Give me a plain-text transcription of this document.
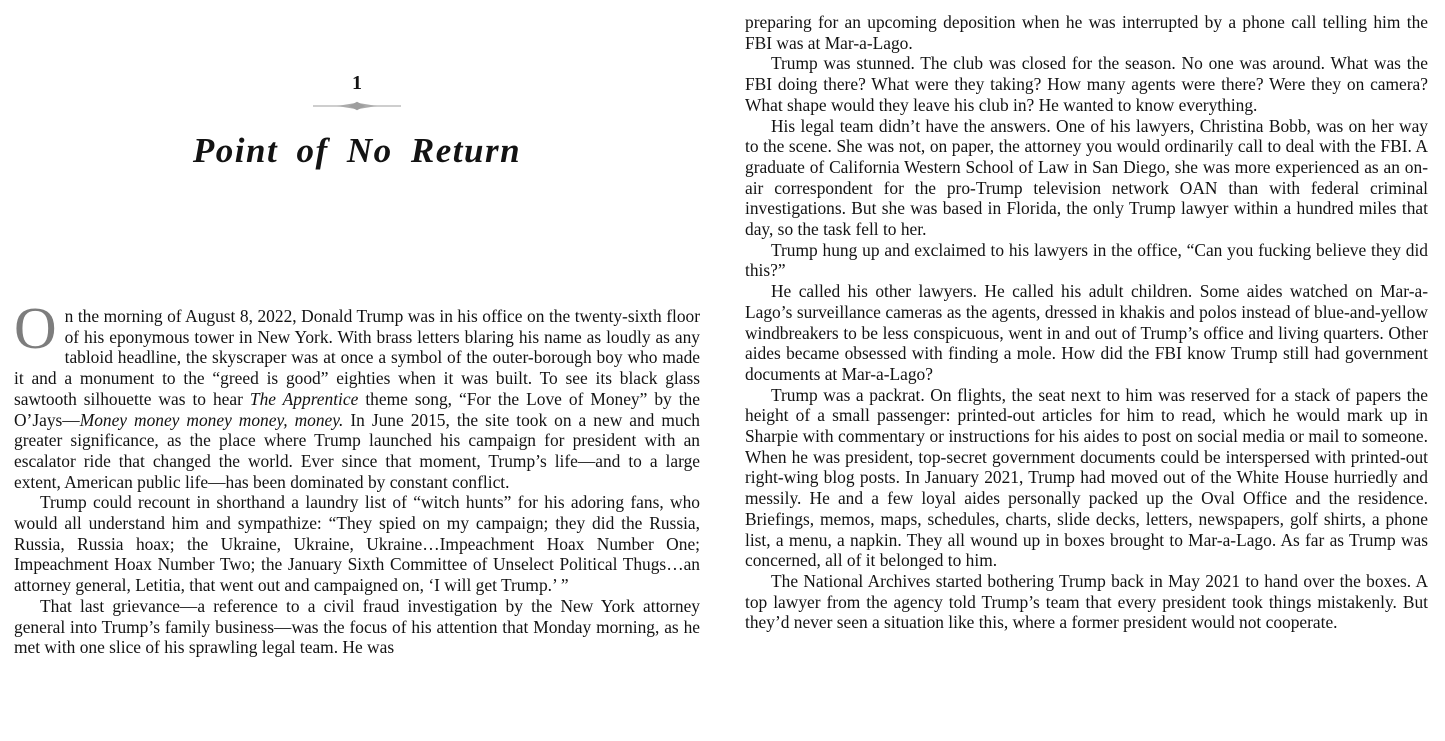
1
Point of No Return

On the morning of August 8, 2022, Donald Trump was in his office on the twenty-sixth floor of his eponymous tower in New York. With brass letters blaring his name as loudly as any tabloid headline, the skyscraper was at once a symbol of the outer-borough boy who made it and a monument to the “greed is good” eighties when it was built. To see its black glass sawtooth silhouette was to hear The Apprentice theme song, “For the Love of Money” by the O’Jays—Money money money money, money. In June 2015, the site took on a new and much greater significance, as the place where Trump launched his campaign for president with an escalator ride that changed the world. Ever since that moment, Trump’s life—and to a large extent, American public life—has been dominated by constant conflict.

Trump could recount in shorthand a laundry list of “witch hunts” for his adoring fans, who would all understand him and sympathize: “They spied on my campaign; they did the Russia, Russia, Russia hoax; the Ukraine, Ukraine, Ukraine…Impeachment Hoax Number One; Impeachment Hoax Number Two; the January Sixth Committee of Unselect Political Thugs…an attorney general, Letitia, that went out and campaigned on, ‘I will get Trump.’ ”

That last grievance—a reference to a civil fraud investigation by the New York attorney general into Trump’s family business—was the focus of his attention that Monday morning, as he met with one slice of his sprawling legal team. He was

preparing for an upcoming deposition when he was interrupted by a phone call telling him the FBI was at Mar-a-Lago.

Trump was stunned. The club was closed for the season. No one was around. What was the FBI doing there? What were they taking? How many agents were there? Were they on camera? What shape would they leave his club in? He wanted to know everything.

His legal team didn’t have the answers. One of his lawyers, Christina Bobb, was on her way to the scene. She was not, on paper, the attorney you would ordinarily call to deal with the FBI. A graduate of California Western School of Law in San Diego, she was more experienced as an on-air correspondent for the pro-Trump television network OAN than with federal criminal investigations. But she was based in Florida, the only Trump lawyer within a hundred miles that day, so the task fell to her.

Trump hung up and exclaimed to his lawyers in the office, “Can you fucking believe they did this?”

He called his other lawyers. He called his adult children. Some aides watched on Mar-a-Lago’s surveillance cameras as the agents, dressed in khakis and polos instead of blue-and-yellow windbreakers to be less conspicuous, went in and out of Trump’s office and living quarters. Other aides became obsessed with finding a mole. How did the FBI know Trump still had government documents at Mar-a-Lago?

Trump was a packrat. On flights, the seat next to him was reserved for a stack of papers the height of a small passenger: printed-out articles for him to read, which he would mark up in Sharpie with commentary or instructions for his aides to post on social media or mail to someone. When he was president, top-secret government documents could be interspersed with printed-out right-wing blog posts. In January 2021, Trump had moved out of the White House hurriedly and messily. He and a few loyal aides personally packed up the Oval Office and the residence. Briefings, memos, maps, schedules, charts, slide decks, letters, newspapers, golf shirts, a phone list, a menu, a napkin. They all wound up in boxes brought to Mar-a-Lago. As far as Trump was concerned, all of it belonged to him.

The National Archives started bothering Trump back in May 2021 to hand over the boxes. A top lawyer from the agency told Trump’s team that every president took things mistakenly. But they’d never seen a situation like this, where a former president would not cooperate.
